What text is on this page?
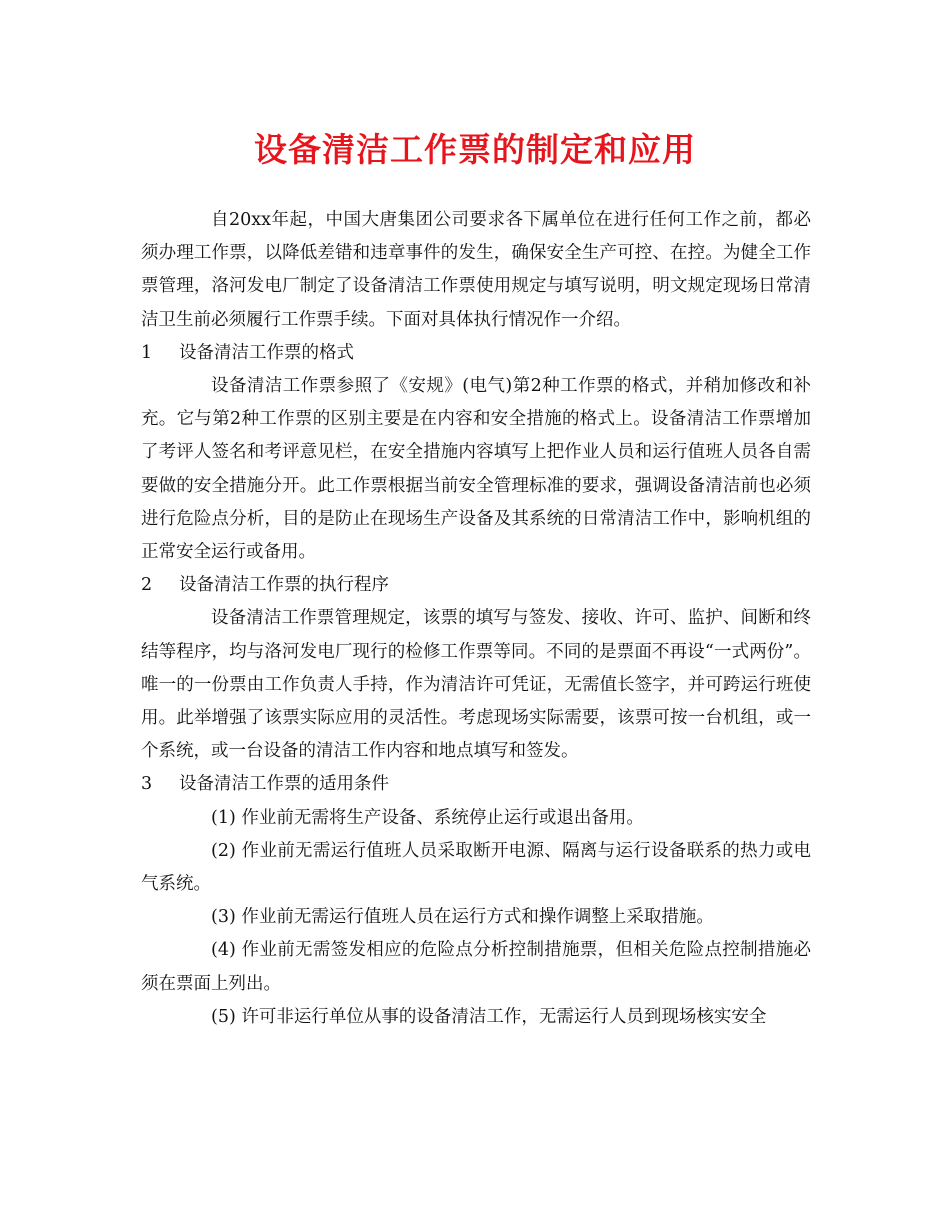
设备清洁工作票的制定和应用

自20xx年起，中国大唐集团公司要求各下属单位在进行任何工作之前，都必须办理工作票，以降低差错和违章事件的发生，确保安全生产可控、在控。为健全工作票管理，洛河发电厂制定了设备清洁工作票使用规定与填写说明，明文规定现场日常清洁卫生前必须履行工作票手续。下面对具体执行情况作一介绍。

1 设备清洁工作票的格式

设备清洁工作票参照了《安规》(电气)第2种工作票的格式，并稍加修改和补充。它与第2种工作票的区别主要是在内容和安全措施的格式上。设备清洁工作票增加了考评人签名和考评意见栏，在安全措施内容填写上把作业人员和运行值班人员各自需要做的安全措施分开。此工作票根据当前安全管理标准的要求，强调设备清洁前也必须进行危险点分析，目的是防止在现场生产设备及其系统的日常清洁工作中，影响机组的正常安全运行或备用。

2 设备清洁工作票的执行程序

设备清洁工作票管理规定，该票的填写与签发、接收、许可、监护、间断和终结等程序，均与洛河发电厂现行的检修工作票等同。不同的是票面不再设“一式两份”。唯一的一份票由工作负责人手持，作为清洁许可凭证，无需值长签字，并可跨运行班使用。此举增强了该票实际应用的灵活性。考虑现场实际需要，该票可按一台机组，或一个系统，或一台设备的清洁工作内容和地点填写和签发。

3 设备清洁工作票的适用条件

(1) 作业前无需将生产设备、系统停止运行或退出备用。

(2) 作业前无需运行值班人员采取断开电源、隔离与运行设备联系的热力或电气系统。

(3) 作业前无需运行值班人员在运行方式和操作调整上采取措施。

(4) 作业前无需签发相应的危险点分析控制措施票，但相关危险点控制措施必须在票面上列出。

(5) 许可非运行单位从事的设备清洁工作，无需运行人员到现场核实安全
